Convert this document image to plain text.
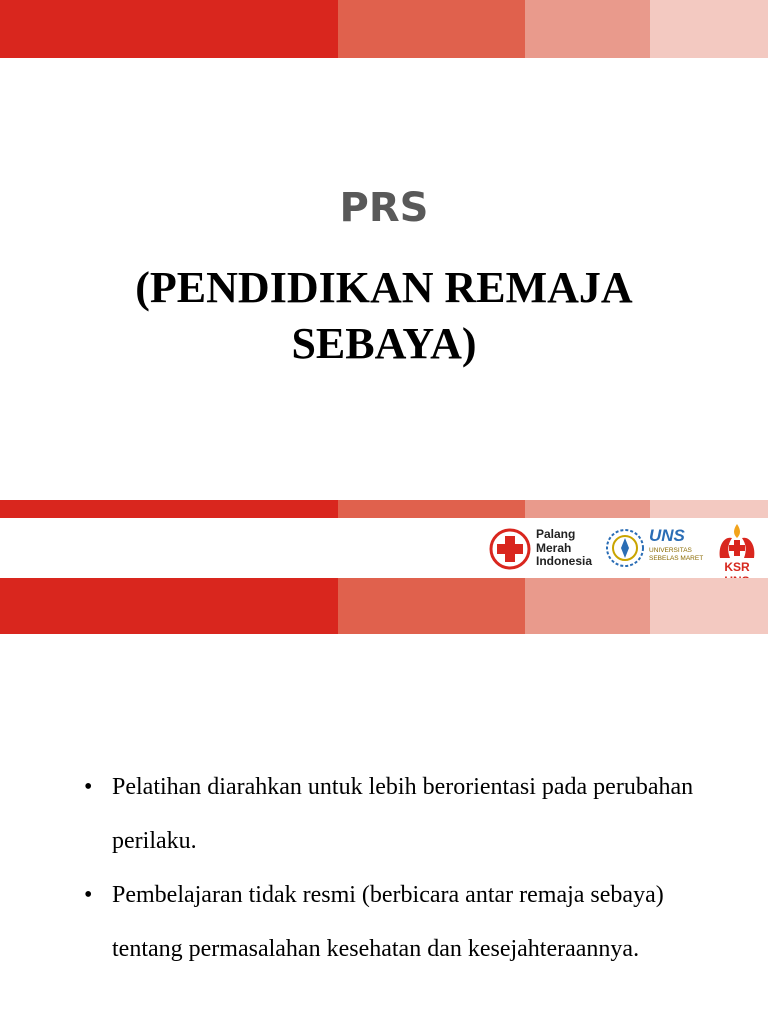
PRS
(PENDIDIKAN REMAJA SEBAYA)
Palang
Merah
Indonesia
UNS
UNIVERSITAS
SEBELAS MARET
KSR
• Pelatihan diarahkan untuk lebih berorientasi pada perubahan perilaku.
• Pembelajaran tidak resmi (berbicara antar remaja sebaya) tentang permasalahan kesehatan dan kesejahteraannya.
